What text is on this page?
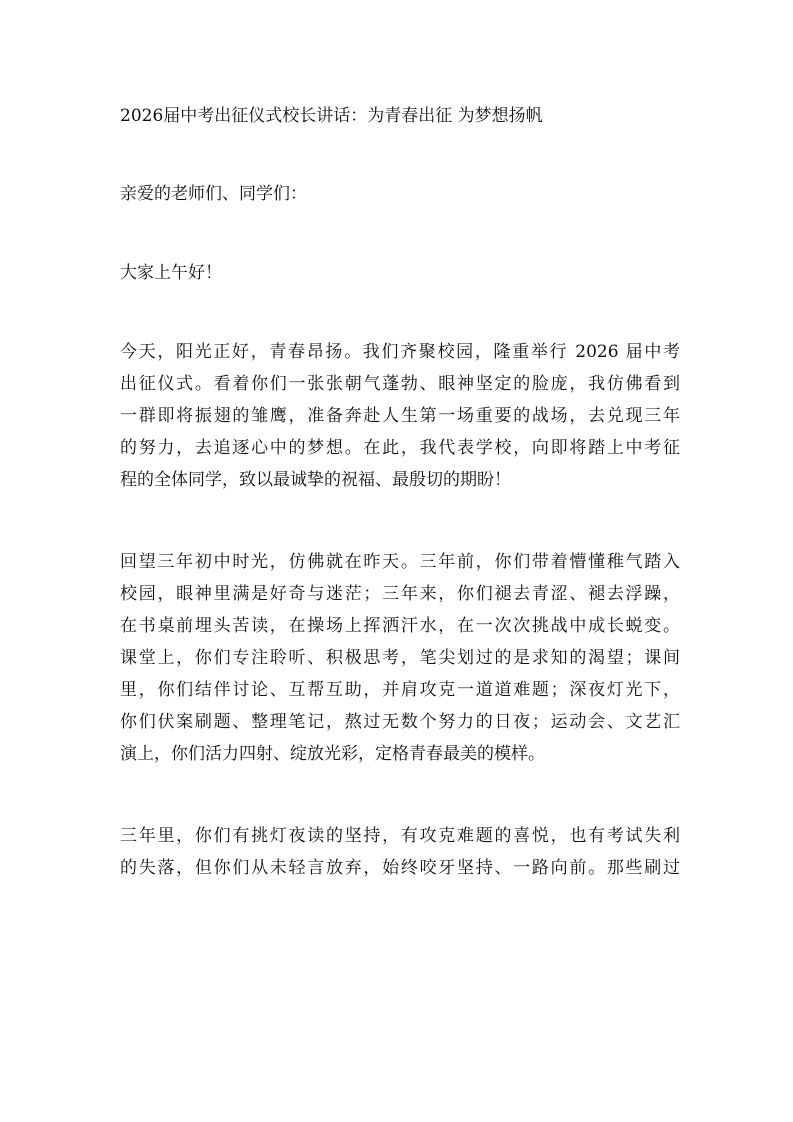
2026届中考出征仪式校长讲话：为青春出征 为梦想扬帆

亲爱的老师们、同学们：

大家上午好！

今天，阳光正好，青春昂扬。我们齐聚校园，隆重举行 2026 届中考
出征仪式。看着你们一张张朝气蓬勃、眼神坚定的脸庞，我仿佛看到
一群即将振翅的雏鹰，准备奔赴人生第一场重要的战场，去兑现三年
的努力，去追逐心中的梦想。在此，我代表学校，向即将踏上中考征
程的全体同学，致以最诚挚的祝福、最殷切的期盼！

回望三年初中时光，仿佛就在昨天。三年前，你们带着懵懂稚气踏入
校园，眼神里满是好奇与迷茫；三年来，你们褪去青涩、褪去浮躁，
在书桌前埋头苦读，在操场上挥洒汗水，在一次次挑战中成长蜕变。
课堂上，你们专注聆听、积极思考，笔尖划过的是求知的渴望；课间
里，你们结伴讨论、互帮互助，并肩攻克一道道难题；深夜灯光下，
你们伏案刷题、整理笔记，熬过无数个努力的日夜；运动会、文艺汇
演上，你们活力四射、绽放光彩，定格青春最美的模样。

三年里，你们有挑灯夜读的坚持，有攻克难题的喜悦，也有考试失利
的失落，但你们从未轻言放弃，始终咬牙坚持、一路向前。那些刷过
